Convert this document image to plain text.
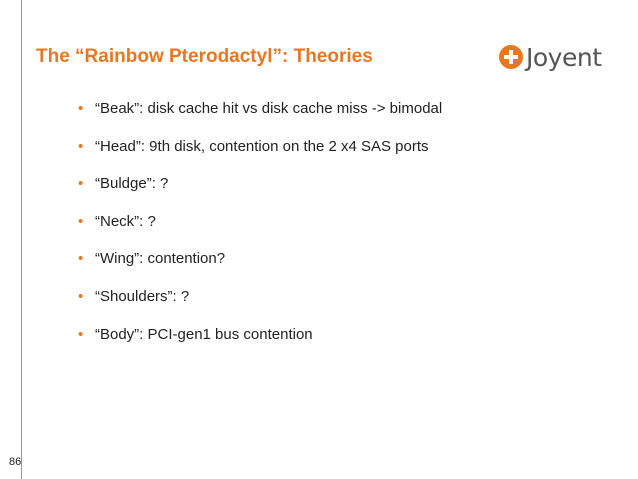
The “Rainbow Pterodactyl”: Theories	Joyent
• “Beak”: disk cache hit vs disk cache miss -> bimodal
• “Head”: 9th disk, contention on the 2 x4 SAS ports
• “Buldge”: ?
• “Neck”: ?
• “Wing”: contention?
• “Shoulders”: ?
• “Body”: PCI-gen1 bus contention
86
